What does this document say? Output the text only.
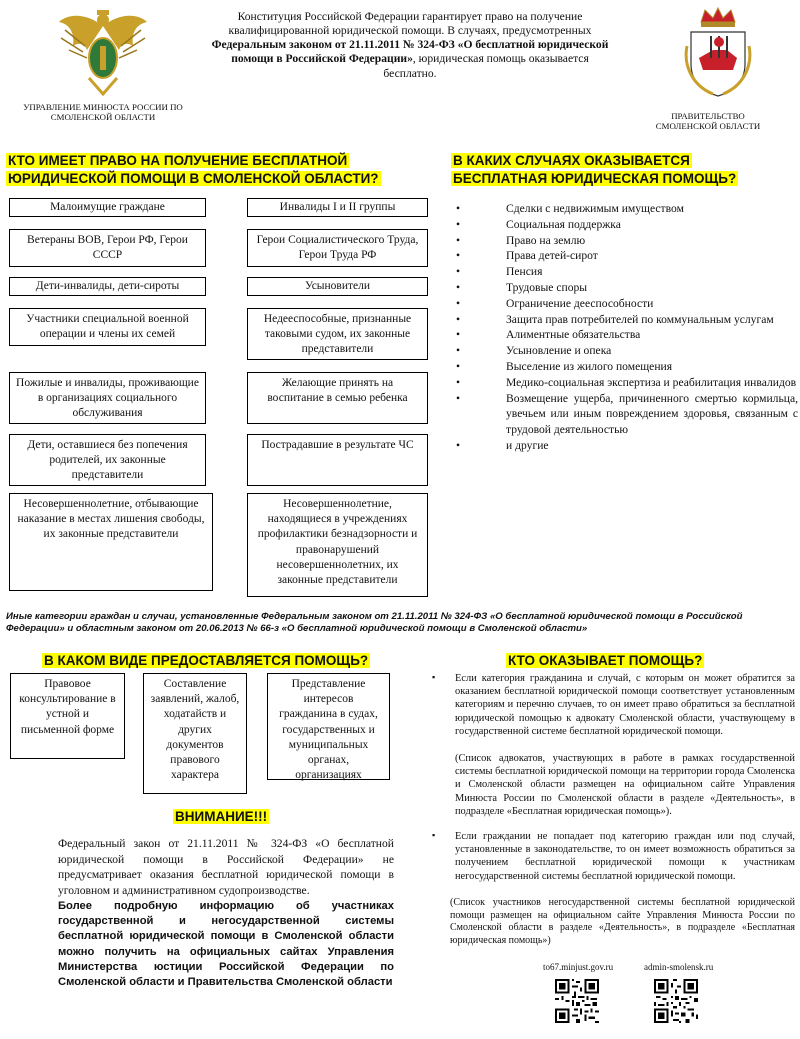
УПРАВЛЕНИЕ МИНЮСТА РОССИИ ПО СМОЛЕНСКОЙ ОБЛАСТИ
Конституция Российской Федерации гарантирует право на получение квалифицированной юридической помощи. В случаях, предусмотренных Федеральным законом от 21.11.2011 № 324-ФЗ «О бесплатной юридической помощи в Российской Федерации», юридическая помощь оказывается бесплатно.
ПРАВИТЕЛЬСТВО СМОЛЕНСКОЙ ОБЛАСТИ
КТО ИМЕЕТ ПРАВО НА ПОЛУЧЕНИЕ БЕСПЛАТНОЙ
ЮРИДИЧЕСКОЙ ПОМОЩИ В СМОЛЕНСКОЙ ОБЛАСТИ?
Малоимущие граждане
Ветераны ВОВ, Герои РФ, Герои СССР
Дети-инвалиды, дети-сироты
Участники специальной военной операции и члены их семей
Пожилые и инвалиды, проживающие в организациях социального обслуживания
Дети, оставшиеся без попечения родителей, их законные представители
Несовершеннолетние, отбывающие наказание в местах лишения свободы, их законные представители
Инвалиды I и II группы
Герои Социалистического Труда, Герои Труда РФ
Усыновители
Недееспособные, признанные таковыми судом, их законные представители
Желающие принять на воспитание в семью ребенка
Пострадавшие в результате ЧС
Несовершеннолетние, находящиеся в учреждениях профилактики безнадзорности и правонарушений несовершеннолетних, их законные представители
В КАКИХ СЛУЧАЯХ ОКАЗЫВАЕТСЯ
БЕСПЛАТНАЯ ЮРИДИЧЕСКАЯ ПОМОЩЬ?
• Сделки с недвижимым имуществом
• Социальная поддержка
• Право на землю
• Права детей-сирот
• Пенсия
• Трудовые споры
• Ограничение дееспособности
• Защита прав потребителей по коммунальным услугам
• Алиментные обязательства
• Усыновление и опека
• Выселение из жилого помещения
• Медико-социальная экспертиза и реабилитация инвалидов
• Возмещение ущерба, причиненного смертью кормильца, увечьем или иным повреждением здоровья, связанным с трудовой деятельностью
• и другие
Иные категории граждан и случаи, установленные Федеральным законом от 21.11.2011 № 324-ФЗ «О бесплатной юридической помощи в Российской Федерации» и областным законом от 20.06.2013 № 66-з «О бесплатной юридической помощи в Смоленской области»
В КАКОМ ВИДЕ ПРЕДОСТАВЛЯЕТСЯ ПОМОЩЬ?
Правовое консультирование в устной и письменной форме
Составление заявлений, жалоб, ходатайств и других документов правового характера
Представление интересов гражданина в судах, государственных и муниципальных органах, организациях
ВНИМАНИЕ!!!
Федеральный закон от 21.11.2011 № 324-ФЗ «О бесплатной юридической помощи в Российской Федерации» не предусматривает оказания бесплатной юридической помощи в уголовном и административном судопроизводстве.
Более подробную информацию об участниках государственной и негосударственной системы бесплатной юридической помощи в Смоленской области можно получить на официальных сайтах Управления Министерства юстиции Российской Федерации по Смоленской области и Правительства Смоленской области
КТО ОКАЗЫВАЕТ ПОМОЩЬ?
▪ Если категория гражданина и случай, с которым он может обратится за оказанием бесплатной юридической помощи соответствует установленным категориям и перечню случаев, то он имеет право обратиться за бесплатной юридической помощью к адвокату Смоленской области, участвующему в государственной системе бесплатной юридической помощи.
(Список адвокатов, участвующих в работе в рамках государственной системы бесплатной юридической помощи на территории города Смоленска и Смоленской области размещен на официальном сайте Управления Минюста России по Смоленской области в разделе «Деятельность», в подразделе «Бесплатная юридическая помощь»).
▪ Если граждании не попадает под категорию граждан или под случай, установленные в законодательстве, то он имеет возможность обратиться за получением бесплатной юридической помощи к участникам негосударственной системы бесплатной юридической помощи.
(Список участников негосударственной системы бесплатной юридической помощи размещен на официальном сайте Управления Минюста России по Смоленской области в разделе «Деятельность», в подразделе «Бесплатная юридическая помощь»)
to67.minjust.gov.ru	admin-smolensk.ru
